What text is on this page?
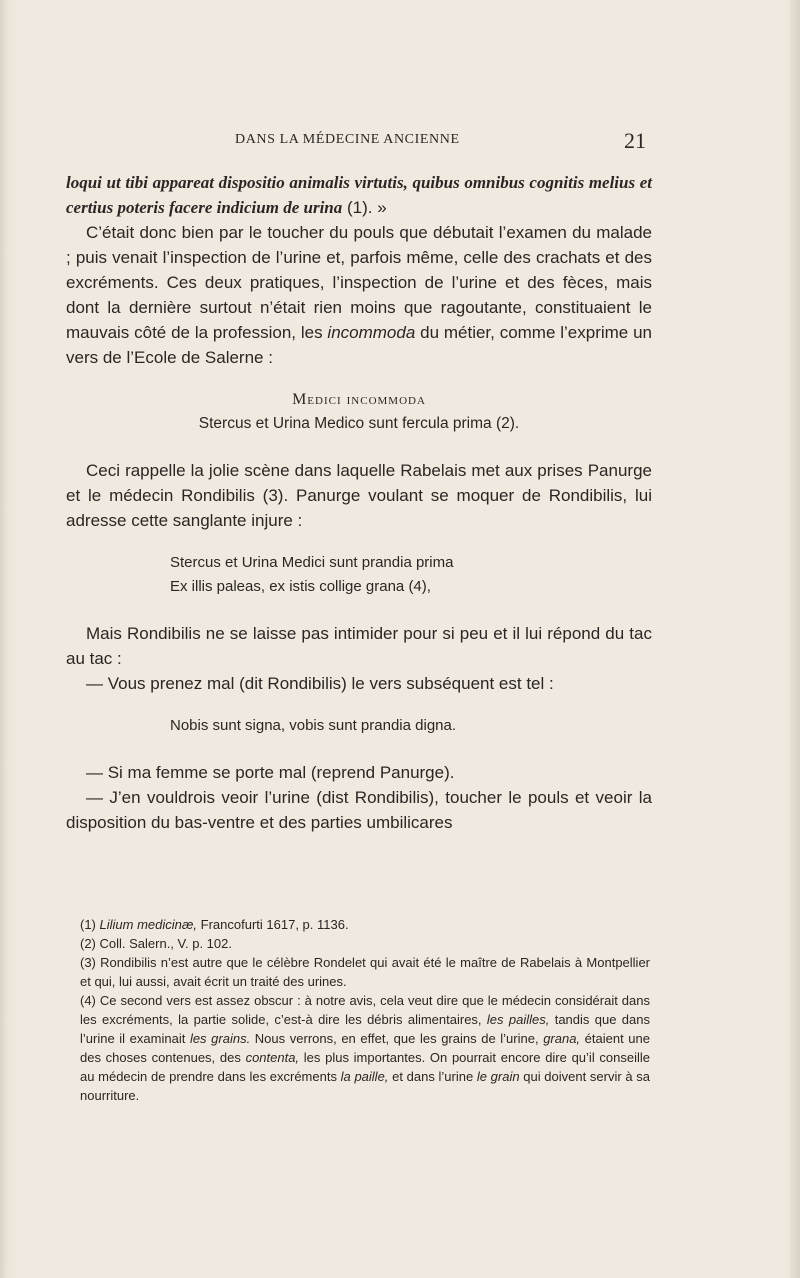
DANS LA MÉDECINE ANCIENNE	21

loqui ut tibi appareat dispositio animalis virtutis, quibus omnibus cognitis melius et certius poteris facere indicium de urina (1). »

C’était donc bien par le toucher du pouls que débutait l’examen du malade ; puis venait l’inspection de l’urine et, parfois même, celle des crachats et des excréments. Ces deux pratiques, l’inspection de l’urine et des fèces, mais dont la dernière surtout n’était rien moins que ragoutante, constituaient le mauvais côté de la profession, les incommoda du métier, comme l’exprime un vers de l’Ecole de Salerne :

Medici incommoda

Stercus et Urina Medico sunt fercula prima (2).

Ceci rappelle la jolie scène dans laquelle Rabelais met aux prises Panurge et le médecin Rondibilis (3). Panurge voulant se moquer de Rondibilis, lui adresse cette sanglante injure :

Stercus et Urina Medici sunt prandia prima

Ex illis paleas, ex istis collige grana (4),

Mais Rondibilis ne se laisse pas intimider pour si peu et il lui répond du tac au tac :

— Vous prenez mal (dit Rondibilis) le vers subséquent est tel :

Nobis sunt signa, vobis sunt prandia digna.

— Si ma femme se porte mal (reprend Panurge).

— J’en vouldrois veoir l’urine (dist Rondibilis), toucher le pouls et veoir la disposition du bas-ventre et des parties umbilicares

(1) Lilium medicinæ, Francofurti 1617, p. 1136.

(2) Coll. Salern., V. p. 102.

(3) Rondibilis n’est autre que le célèbre Rondelet qui avait été le maître de Rabelais à Montpellier et qui, lui aussi, avait écrit un traité des urines.

(4) Ce second vers est assez obscur : à notre avis, cela veut dire que le médecin considérait dans les excréments, la partie solide, c’est-à dire les débris alimentaires, les pailles, tandis que dans l’urine il examinait les grains. Nous verrons, en effet, que les grains de l’urine, grana, étaient une des choses contenues, des contenta, les plus importantes. On pourrait encore dire qu’il conseille au médecin de prendre dans les excréments la paille, et dans l’urine le grain qui doivent servir à sa nourriture.
